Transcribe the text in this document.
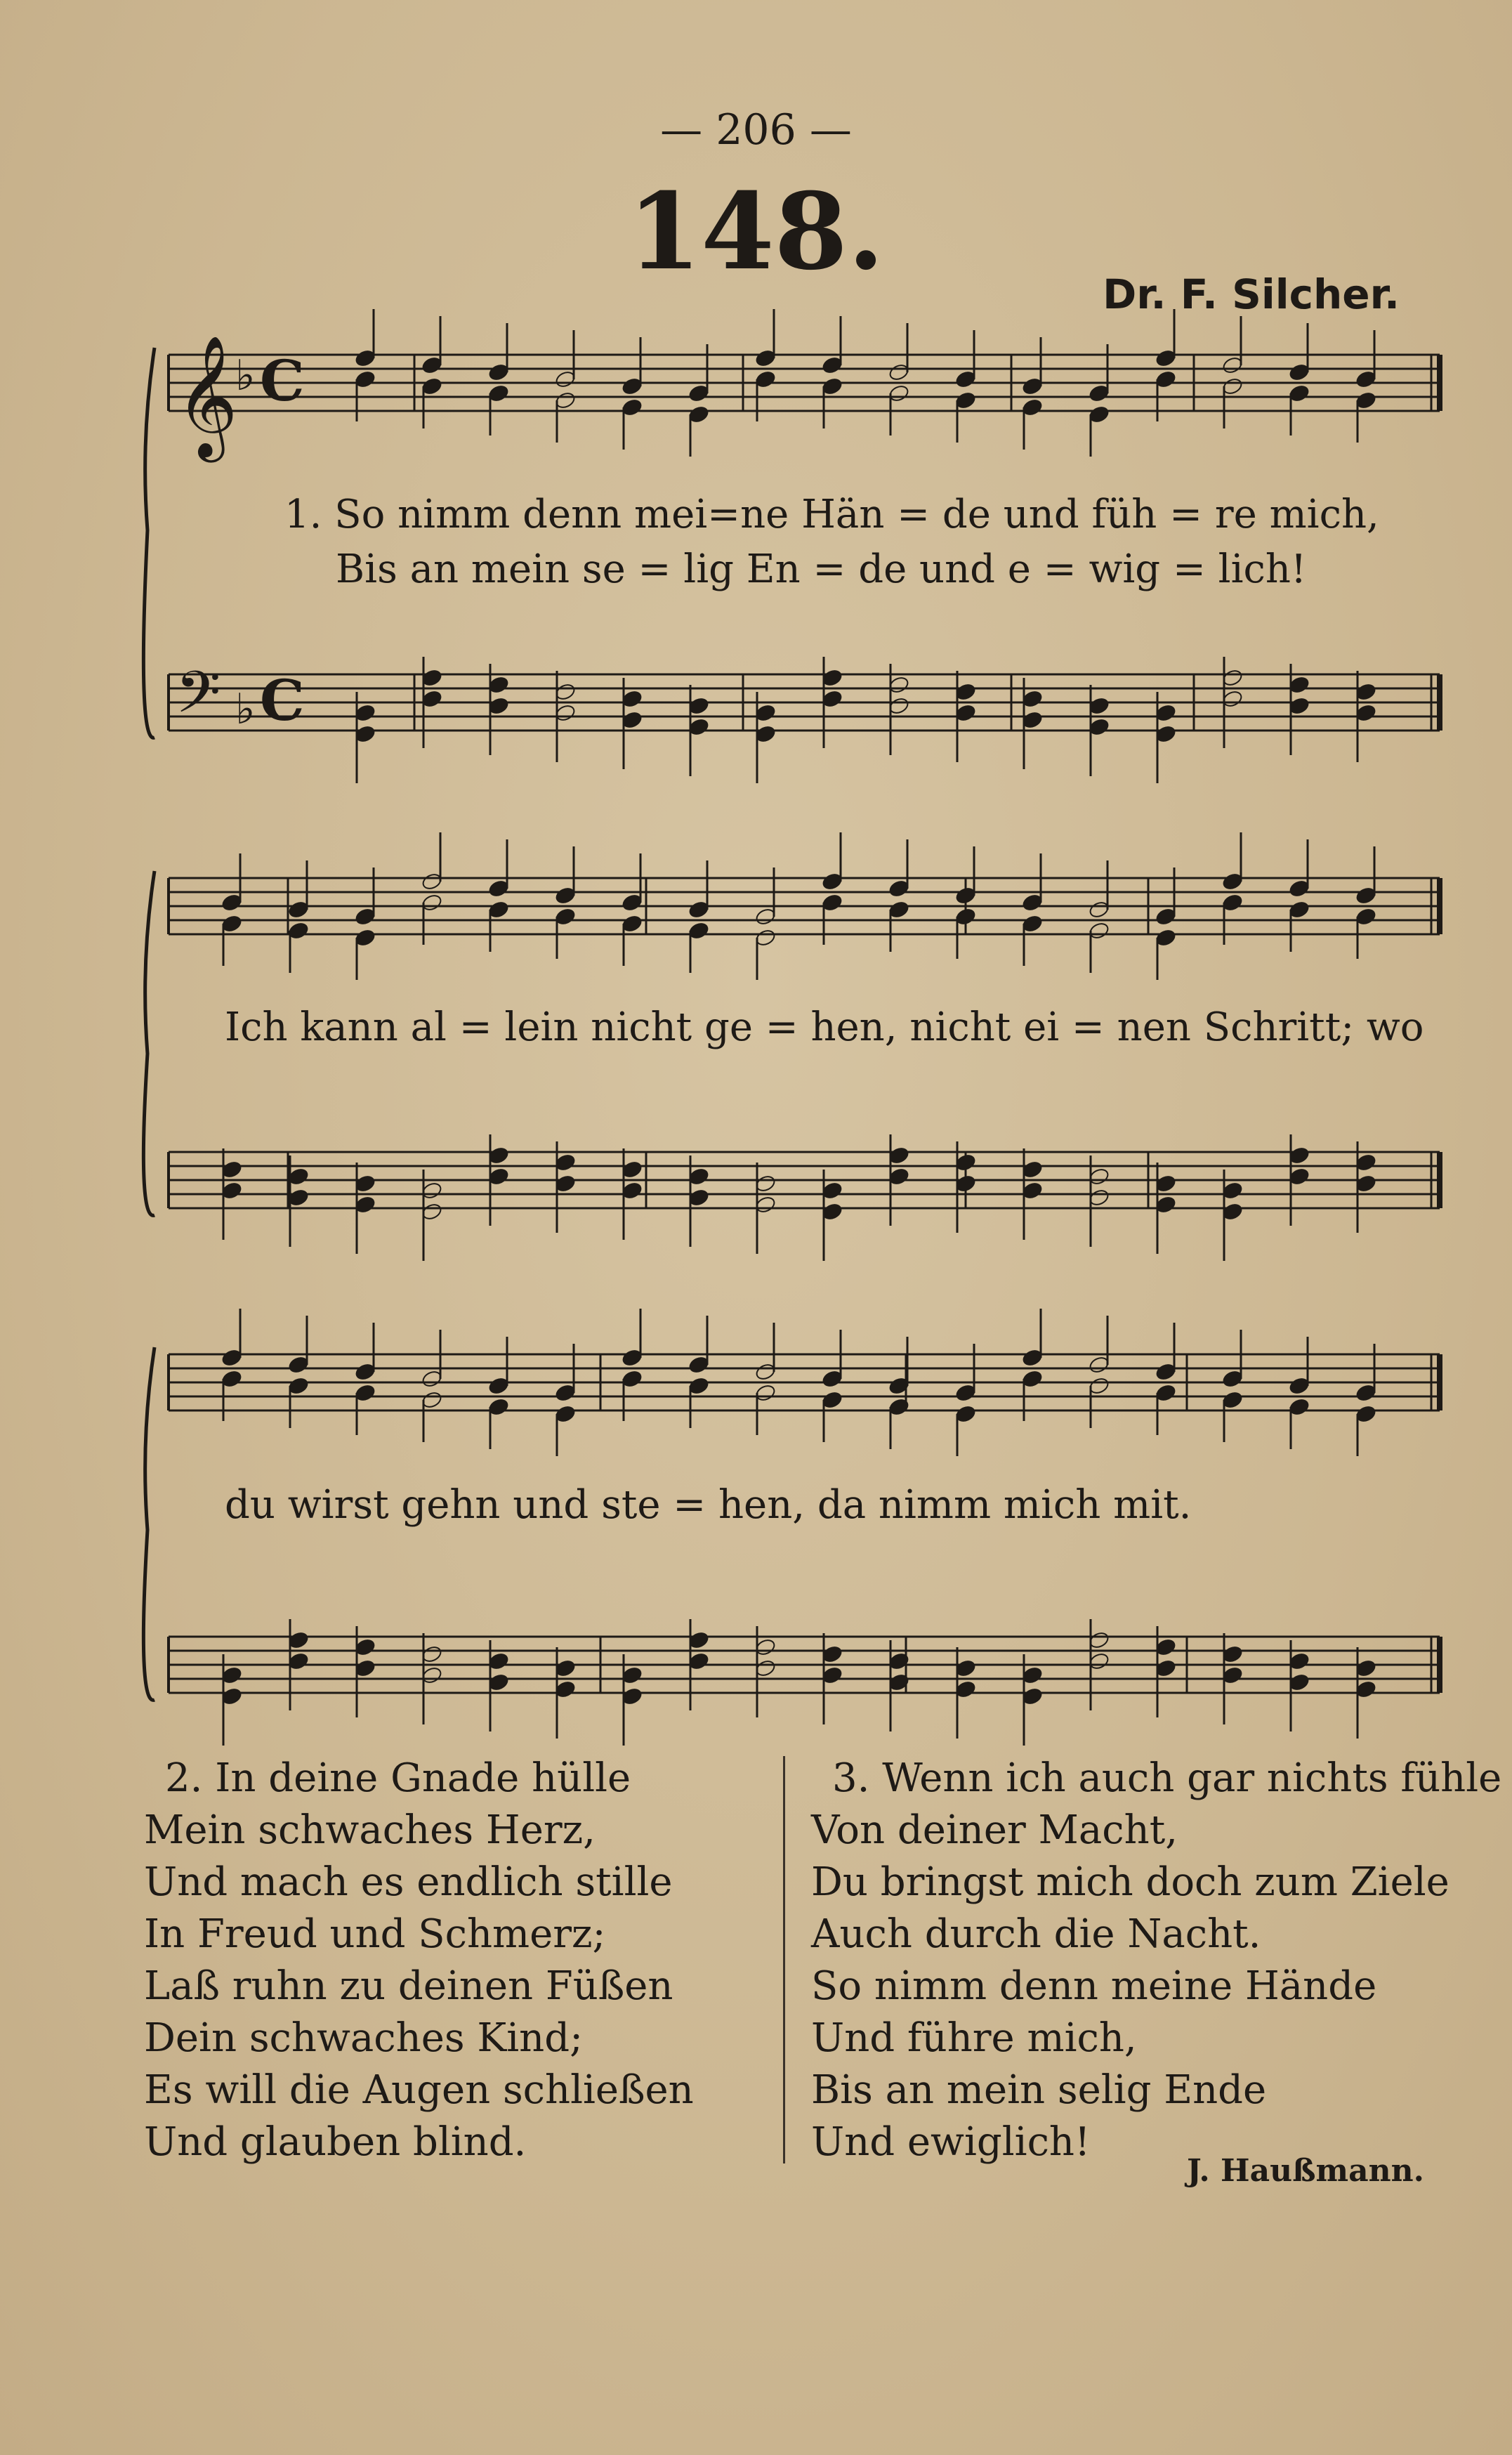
— 206 —
148.
Dr. F. Silcher.
𝄞
♭ C
𝄢 ♭ C
1. So nimm denn mei=ne Hän = de und füh = re mich,
Bis an mein se = lig En = de und e = wig = lich!
Ich kann al = lein nicht ge = hen, nicht ei = nen Schritt; wo
du wirst gehn und ste = hen, da nimm mich mit.
2. In deine Gnade hülle
Mein schwaches Herz,
Und mach es endlich stille
In Freud und Schmerz;
Laß ruhn zu deinen Füßen
Dein schwaches Kind;
Es will die Augen schließen
Und glauben blind.
3. Wenn ich auch gar nichts fühle
Von deiner Macht,
Du bringst mich doch zum Ziele
Auch durch die Nacht.
So nimm denn meine Hände
Und führe mich,
Bis an mein selig Ende
Und ewiglich!
J. Haußmann.
